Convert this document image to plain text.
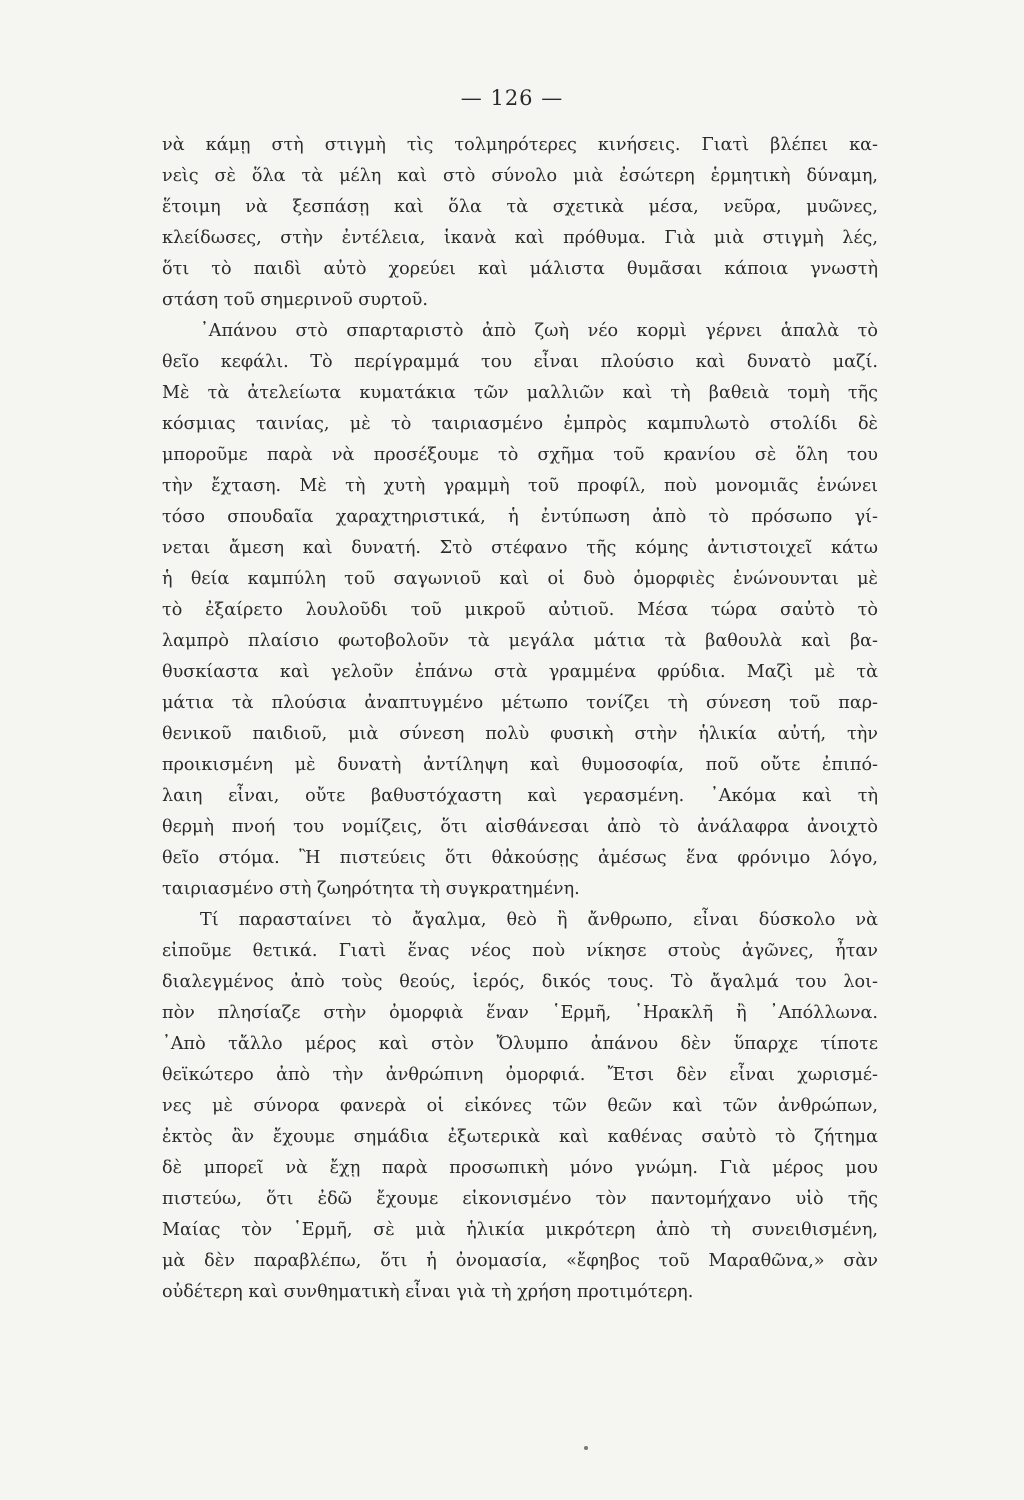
— 126 —
νὰ κάμῃ στὴ στιγμὴ τὶς τολμηρότερες κινήσεις. Γιατὶ βλέπει κα-
νεὶς σὲ ὅλα τὰ μέλη καὶ στὸ σύνολο μιὰ ἐσώτερη ἑρμητικὴ δύναμη,
ἕτοιμη νὰ ξεσπάσῃ καὶ ὅλα τὰ σχετικὰ μέσα, νεῦρα, μυῶνες,
κλείδωσες, στὴν ἐντέλεια, ἱκανὰ καὶ πρόθυμα. Γιὰ μιὰ στιγμὴ λές,
ὅτι τὸ παιδὶ αὐτὸ χορεύει καὶ μάλιστα θυμᾶσαι κάποια γνωστὴ
στάση τοῦ σημερινοῦ συρτοῦ.
᾿Απάνου στὸ σπαρταριστὸ ἀπὸ ζωὴ νέο κορμὶ γέρνει ἁπαλὰ τὸ
θεῖο κεφάλι. Τὸ περίγραμμά του εἶναι πλούσιο καὶ δυνατὸ μαζί.
Μὲ τὰ ἀτελείωτα κυματάκια τῶν μαλλιῶν καὶ τὴ βαθειὰ τομὴ τῆς
κόσμιας ταινίας, μὲ τὸ ταιριασμένο ἐμπρὸς καμπυλωτὸ στολίδι δὲ
μποροῦμε παρὰ νὰ προσέξουμε τὸ σχῆμα τοῦ κρανίου σὲ ὅλη του
τὴν ἔχταση. Μὲ τὴ χυτὴ γραμμὴ τοῦ προφίλ, ποὺ μονομιᾶς ἑνώνει
τόσο σπουδαῖα χαραχτηριστικά, ἡ ἐντύπωση ἀπὸ τὸ πρόσωπο γί-
νεται ἄμεση καὶ δυνατή. Στὸ στέφανο τῆς κόμης ἀντιστοιχεῖ κάτω
ἡ θεία καμπύλη τοῦ σαγωνιοῦ καὶ οἱ δυὸ ὁμορφιὲς ἑνώνουνται μὲ
τὸ ἐξαίρετο λουλοῦδι τοῦ μικροῦ αὐτιοῦ. Μέσα τώρα σαὐτὸ τὸ
λαμπρὸ πλαίσιο φωτοβολοῦν τὰ μεγάλα μάτια τὰ βαθουλὰ καὶ βα-
θυσκίαστα καὶ γελοῦν ἐπάνω στὰ γραμμένα φρύδια. Μαζὶ μὲ τὰ
μάτια τὰ πλούσια ἀναπτυγμένο μέτωπο τονίζει τὴ σύνεση τοῦ παρ-
θενικοῦ παιδιοῦ, μιὰ σύνεση πολὺ φυσικὴ στὴν ἡλικία αὐτή, τὴν
προικισμένη μὲ δυνατὴ ἀντίληψη καὶ θυμοσοφία, ποῦ οὔτε ἐπιπό-
λαιη εἶναι, οὔτε βαθυστόχαστη καὶ γερασμένη. ᾿Ακόμα καὶ τὴ
θερμὴ πνοή του νομίζεις, ὅτι αἰσθάνεσαι ἀπὸ τὸ ἀνάλαφρα ἀνοιχτὸ
θεῖο στόμα. Ἢ πιστεύεις ὅτι θἀκούσῃς ἀμέσως ἕνα φρόνιμο λόγο,
ταιριασμένο στὴ ζωηρότητα τὴ συγκρατημένη.
Τί παρασταίνει τὸ ἄγαλμα, θεὸ ἢ ἄνθρωπο, εἶναι δύσκολο νὰ
εἰποῦμε θετικά. Γιατὶ ἕνας νέος ποὺ νίκησε στοὺς ἀγῶνες, ἦταν
διαλεγμένος ἀπὸ τοὺς θεούς, ἱερός, δικός τους. Τὸ ἄγαλμά του λοι-
πὸν πλησίαζε στὴν ὀμορφιὰ ἕναν ῾Ερμῆ, ῾Ηρακλῆ ἢ ᾿Απόλλωνα.
᾿Απὸ τἄλλο μέρος καὶ στὸν Ὄλυμπο ἀπάνου δὲν ὕπαρχε τίποτε
θεϊκώτερο ἀπὸ τὴν ἀνθρώπινη ὀμορφιά. Ἔτσι δὲν εἶναι χωρισμέ-
νες μὲ σύνορα φανερὰ οἱ εἰκόνες τῶν θεῶν καὶ τῶν ἀνθρώπων,
ἐκτὸς ἂν ἔχουμε σημάδια ἐξωτερικὰ καὶ καθένας σαὐτὸ τὸ ζήτημα
δὲ μπορεῖ νὰ ἔχῃ παρὰ προσωπικὴ μόνο γνώμη. Γιὰ μέρος μου
πιστεύω, ὅτι ἐδῶ ἔχουμε εἰκονισμένο τὸν παντομήχανο υἱὸ τῆς
Μαίας τὸν ῾Ερμῆ, σὲ μιὰ ἡλικία μικρότερη ἀπὸ τὴ συνειθισμένη,
μὰ δὲν παραβλέπω, ὅτι ἡ ὀνομασία, «ἔφηβος τοῦ Μαραθῶνα,» σὰν
οὐδέτερη καὶ συνθηματικὴ εἶναι γιὰ τὴ χρήση προτιμότερη.
